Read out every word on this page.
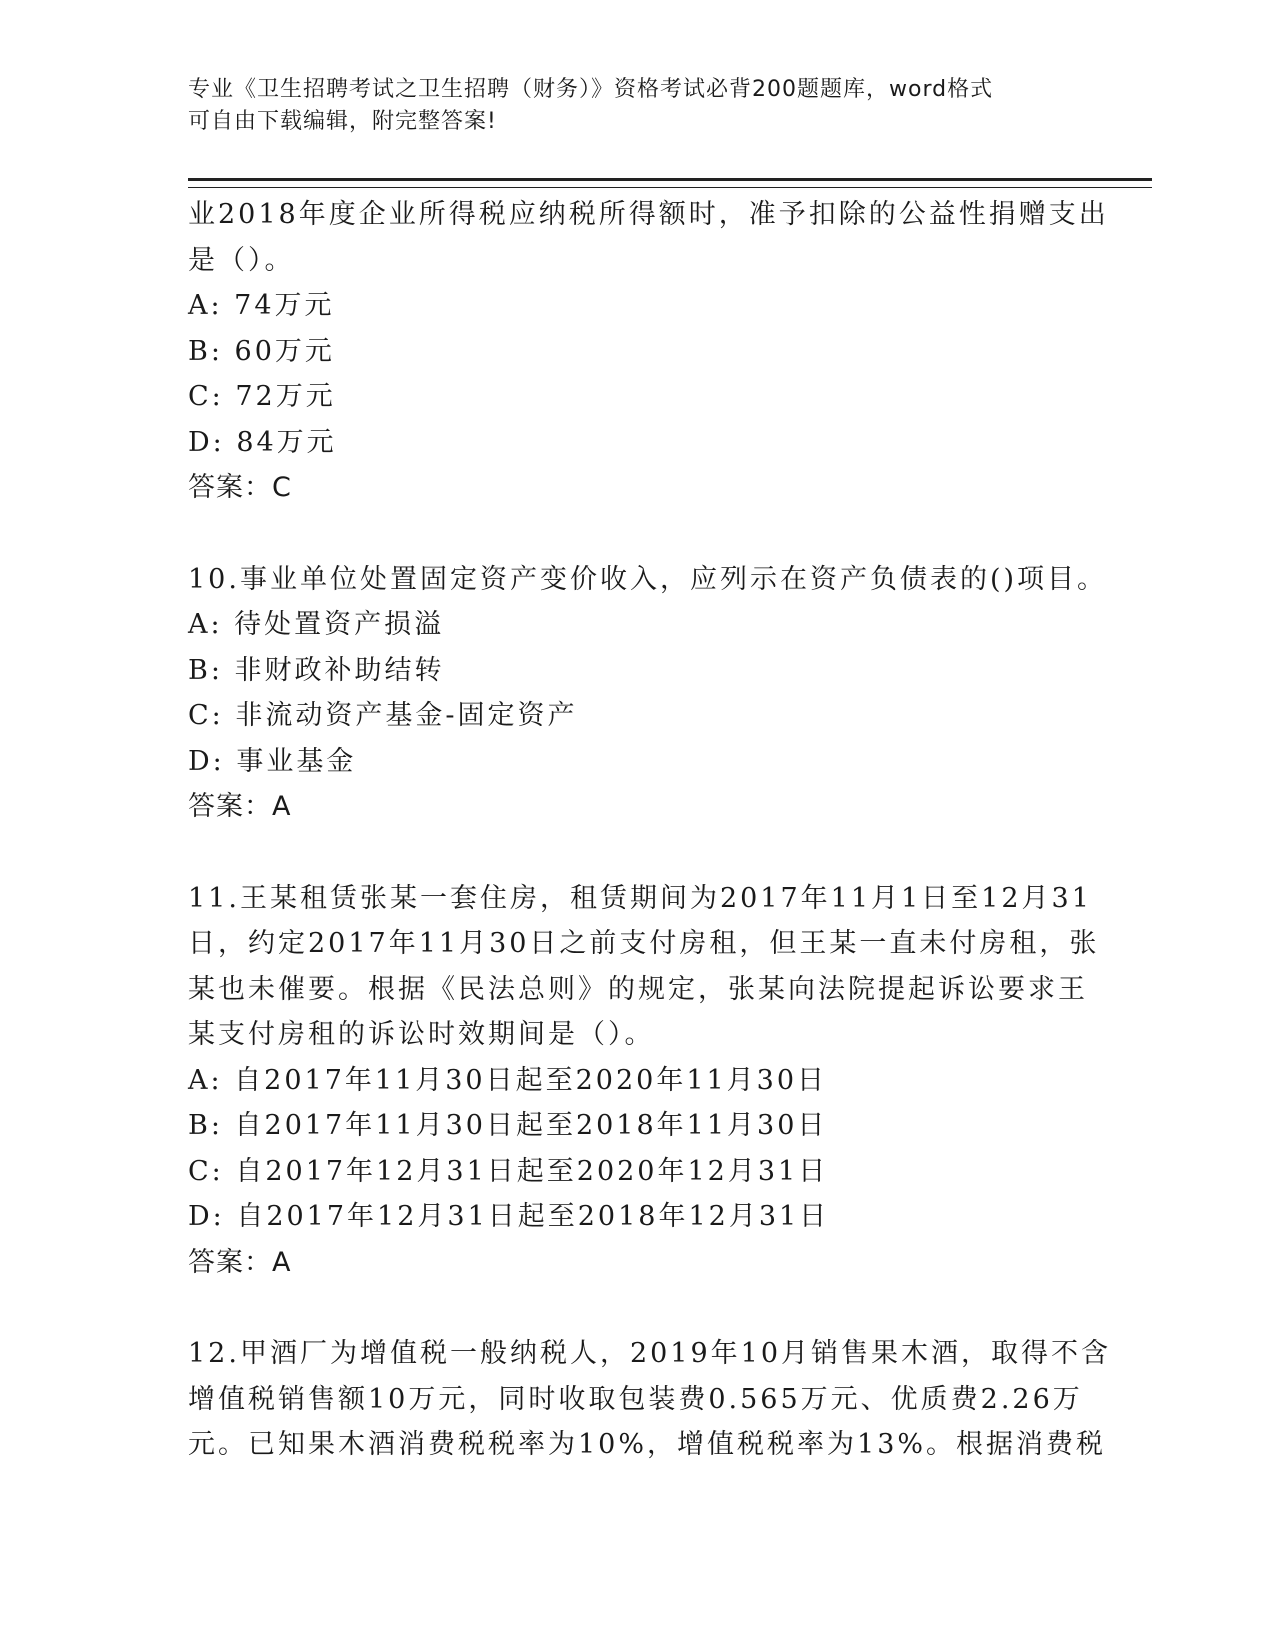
专业《卫生招聘考试之卫生招聘（财务）》资格考试必背200题题库，word格式
可自由下载编辑，附完整答案!
业2018年度企业所得税应纳税所得额时，准予扣除的公益性捐赠支出
是（）。
A: 74万元
B: 60万元
C: 72万元
D: 84万元
答案：C
10.事业单位处置固定资产变价收入，应列示在资产负债表的()项目。
A: 待处置资产损溢
B: 非财政补助结转
C: 非流动资产基金-固定资产
D: 事业基金
答案：A
11.王某租赁张某一套住房，租赁期间为2017年11月1日至12月31
日，约定2017年11月30日之前支付房租，但王某一直未付房租，张
某也未催要。根据《民法总则》的规定，张某向法院提起诉讼要求王
某支付房租的诉讼时效期间是（）。
A: 自2017年11月30日起至2020年11月30日
B: 自2017年11月30日起至2018年11月30日
C: 自2017年12月31日起至2020年12月31日
D: 自2017年12月31日起至2018年12月31日
答案：A
12.甲酒厂为增值税一般纳税人，2019年10月销售果木酒，取得不含
增值税销售额10万元，同时收取包装费0.565万元、优质费2.26万
元。已知果木酒消费税税率为10%，增值税税率为13%。根据消费税
